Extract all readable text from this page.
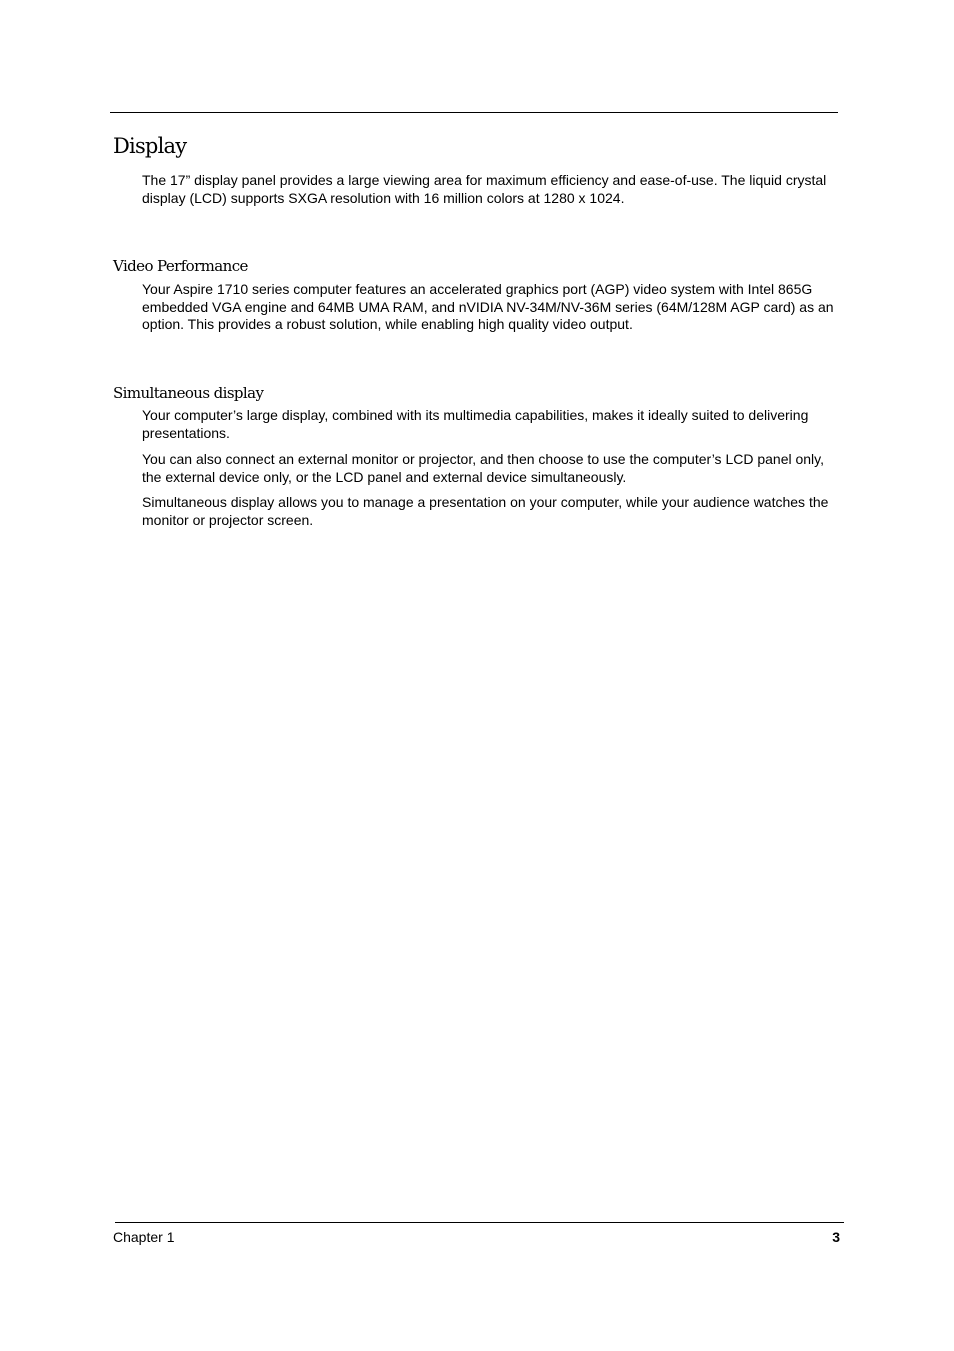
Display

The 17” display panel provides a large viewing area for maximum efficiency and ease-of-use. The liquid crystal display (LCD) supports SXGA resolution with 16 million colors at 1280 x 1024.

Video Performance

Your Aspire 1710 series computer features an accelerated graphics port (AGP) video system with Intel 865G embedded VGA engine and 64MB UMA RAM, and nVIDIA NV-34M/NV-36M series (64M/128M AGP card) as an option. This provides a robust solution, while enabling high quality video output.

Simultaneous display

Your computer’s large display, combined with its multimedia capabilities, makes it ideally suited to delivering presentations.

You can also connect an external monitor or projector, and then choose to use the computer’s LCD panel only, the external device only, or the LCD panel and external device simultaneously.

Simultaneous display allows you to manage a presentation on your computer, while your audience watches the monitor or projector screen.

Chapter 1	3
